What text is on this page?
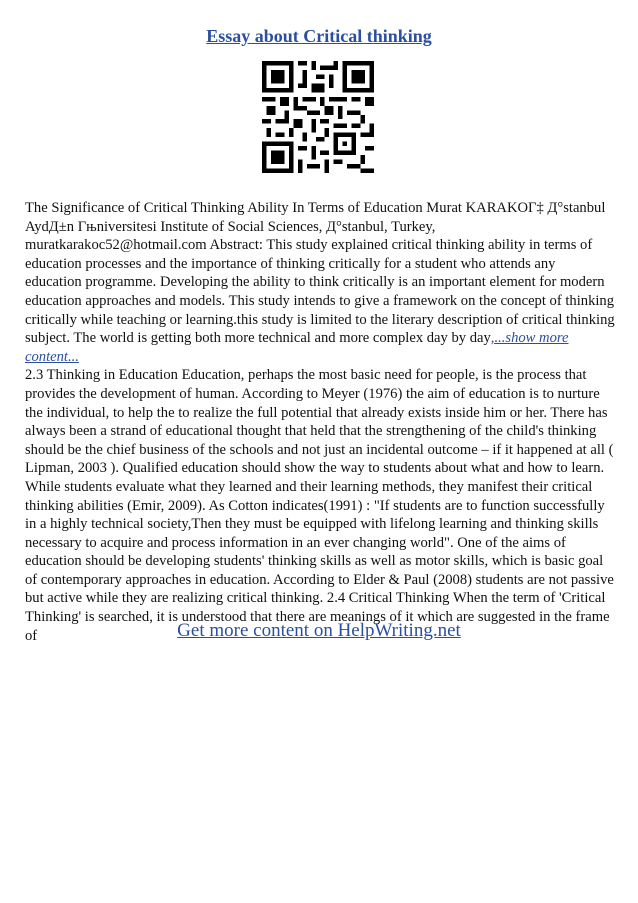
Essay about Critical thinking

The Significance of Critical Thinking Ability In Terms of Education Murat KARAKOГ‡ Д°stanbul AydД±n Гњniversitesi Institute of Social Sciences, Д°stanbul, Turkey, muratkarakoc52@hotmail.com Abstract: This study explained critical thinking ability in terms of education processes and the importance of thinking critically for a student who attends any education programme. Developing the ability to think critically is an important element for modern education approaches and models. This study intends to give a framework on the concept of thinking critically while teaching or learning.this study is limited to the literary description of critical thinking subject. The world is getting both more technical and more complex day by day,...show more content...

2.3 Thinking in Education Education, perhaps the most basic need for people, is the process that provides the development of human. According to Meyer (1976) the aim of education is to nurture the individual, to help the to realize the full potential that already exists inside him or her. There has always been a strand of educational thought that held that the strengthening of the child's thinking should be the chief business of the schools and not just an incidental outcome – if it happened at all ( Lipman, 2003 ). Qualified education should show the way to students about what and how to learn. While students evaluate what they learned and their learning methods, they manifest their critical thinking abilities (Emir, 2009). As Cotton indicates(1991) : "If students are to function successfully in a highly technical society,Then they must be equipped with lifelong learning and thinking skills necessary to acquire and process information in an ever changing world". One of the aims of education should be developing students' thinking skills as well as motor skills, which is basic goal of contemporary approaches in education. According to Elder & Paul (2008) students are not passive but active while they are realizing critical thinking. 2.4 Critical Thinking When the term of 'Critical Thinking' is searched, it is understood that there are meanings of it which are suggested in the frame of	Get more content on HelpWriting.net
